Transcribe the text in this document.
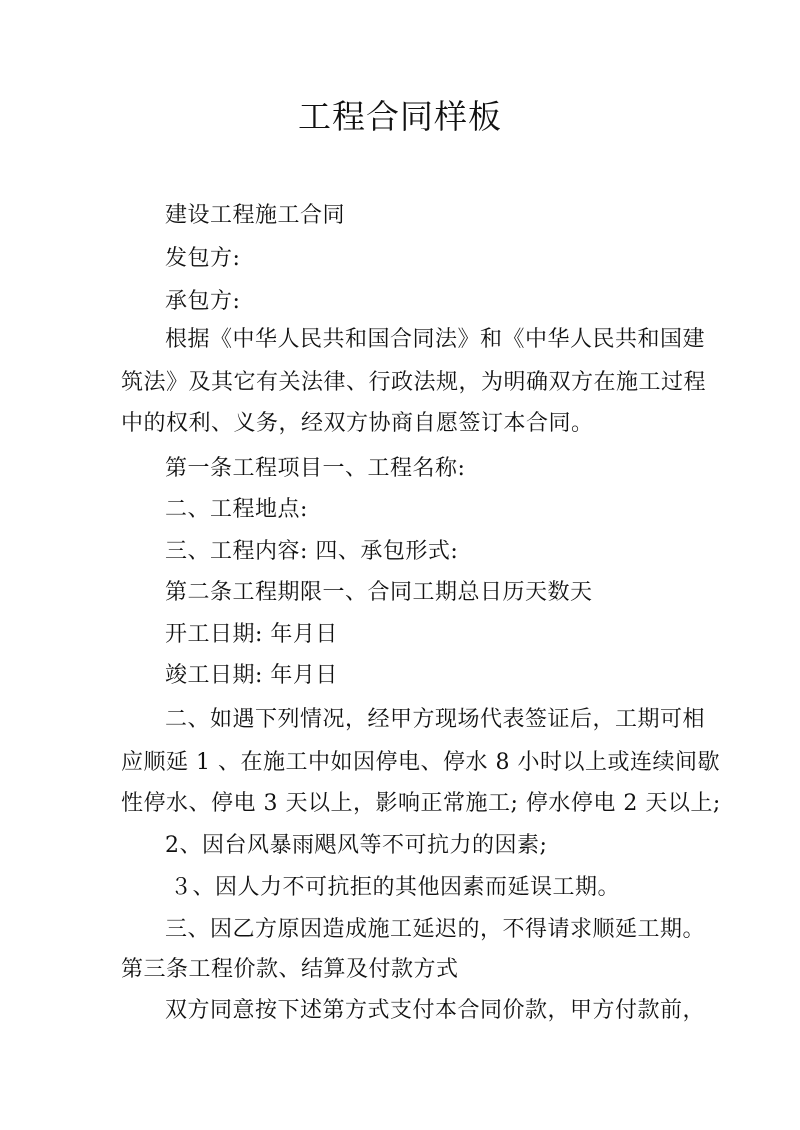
工程合同样板

建设工程施工合同

发包方:

承包方:

根据《中华人民共和国合同法》和《中华人民共和国建

筑法》及其它有关法律、行政法规，为明确双方在施工过程

中的权利、义务，经双方协商自愿签订本合同。

第一条工程项目一、工程名称:

二、工程地点:

三、工程内容: 四、承包形式:

第二条工程期限一、合同工期总日历天数天

开工日期: 年月日

竣工日期: 年月日

二、如遇下列情况，经甲方现场代表签证后，工期可相

应顺延 1 、在施工中如因停电、停水 8 小时以上或连续间歇

性停水、停电 3 天以上，影响正常施工; 停水停电 2 天以上;

2、因台风暴雨飓风等不可抗力的因素;

３、因人力不可抗拒的其他因素而延误工期。

三、因乙方原因造成施工延迟的，不得请求顺延工期。

第三条工程价款、结算及付款方式

双方同意按下述第方式支付本合同价款，甲方付款前，
